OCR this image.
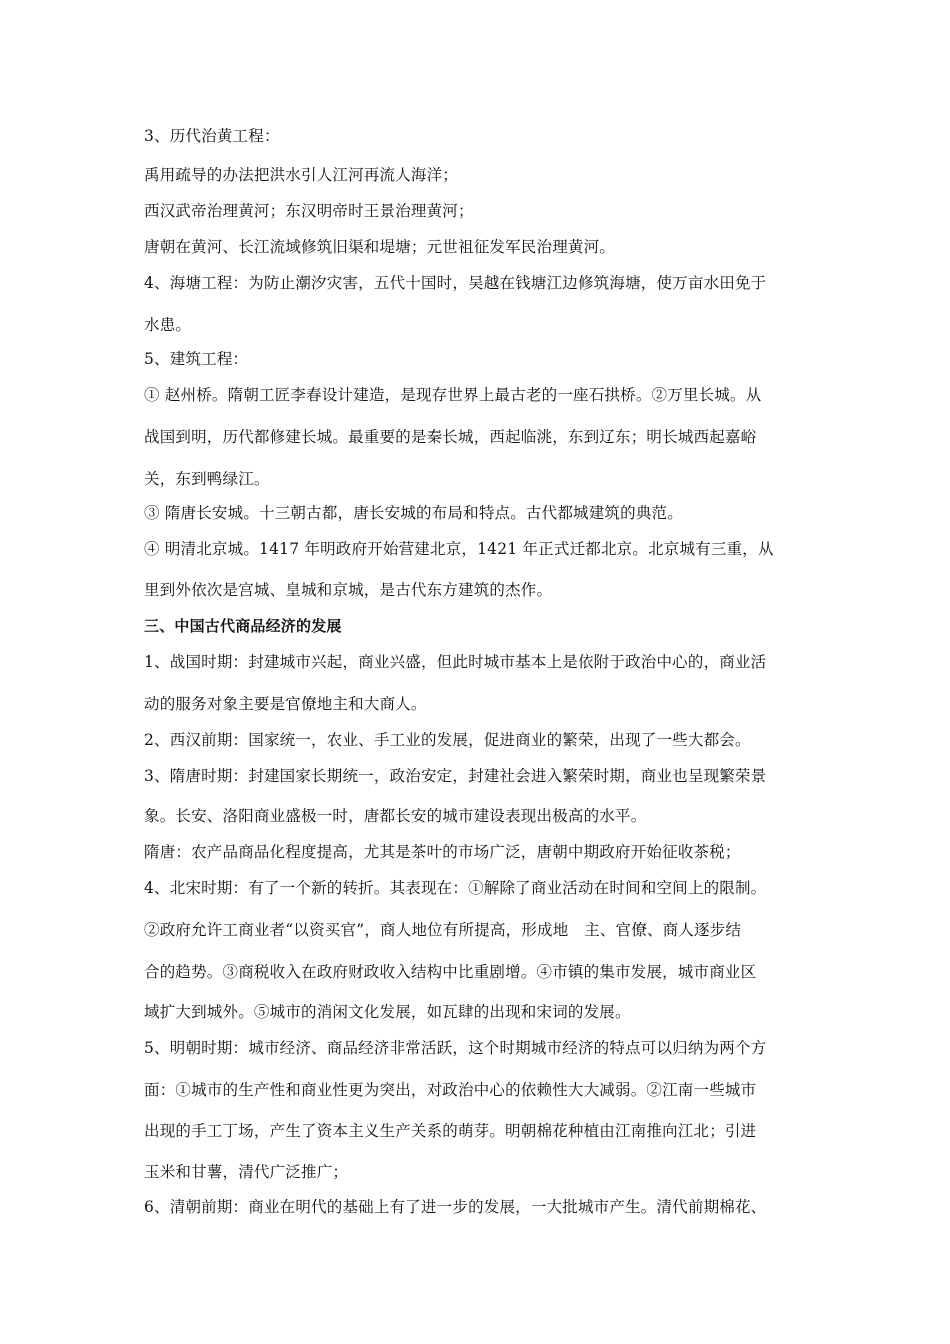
3、历代治黄工程：
禹用疏导的办法把洪水引人江河再流人海洋；
西汉武帝治理黄河；东汉明帝时王景治理黄河；
唐朝在黄河、长江流域修筑旧渠和堤塘；元世祖征发军民治理黄河。
4、海塘工程：为防止潮汐灾害，五代十国时，吴越在钱塘江边修筑海塘，使万亩水田免于
水患。
5、建筑工程：
① 赵州桥。隋朝工匠李春设计建造，是现存世界上最古老的一座石拱桥。②万里长城。从
战国到明，历代都修建长城。最重要的是秦长城，西起临洮，东到辽东；明长城西起嘉峪
关，东到鸭绿江。
③ 隋唐长安城。十三朝古都，唐长安城的布局和特点。古代都城建筑的典范。
④ 明清北京城。1417 年明政府开始营建北京，1421 年正式迁都北京。北京城有三重，从
里到外依次是宫城、皇城和京城，是古代东方建筑的杰作。
三、中国古代商品经济的发展
1、战国时期：封建城市兴起，商业兴盛，但此时城市基本上是依附于政治中心的，商业活
动的服务对象主要是官僚地主和大商人。
2、西汉前期：国家统一，农业、手工业的发展，促进商业的繁荣，出现了一些大都会。
3、隋唐时期：封建国家长期统一，政治安定，封建社会进入繁荣时期，商业也呈现繁荣景
象。长安、洛阳商业盛极一时，唐都长安的城市建设表现出极高的水平。
隋唐：农产品商品化程度提高，尤其是茶叶的市场广泛，唐朝中期政府开始征收茶税；
4、北宋时期：有了一个新的转折。其表现在：①解除了商业活动在时间和空间上的限制。
②政府允许工商业者“以资买官”，商人地位有所提高，形成地　主、官僚、商人逐步结
合的趋势。③商税收入在政府财政收入结构中比重剧增。④市镇的集市发展，城市商业区
域扩大到城外。⑤城市的消闲文化发展，如瓦肆的出现和宋词的发展。
5、明朝时期：城市经济、商品经济非常活跃，这个时期城市经济的特点可以归纳为两个方
面：①城市的生产性和商业性更为突出，对政治中心的依赖性大大减弱。②江南一些城市
出现的手工丁场，产生了资本主义生产关系的萌芽。明朝棉花种植由江南推向江北；引进
玉米和甘薯，清代广泛推广；
6、清朝前期：商业在明代的基础上有了进一步的发展，一大批城市产生。清代前期棉花、
